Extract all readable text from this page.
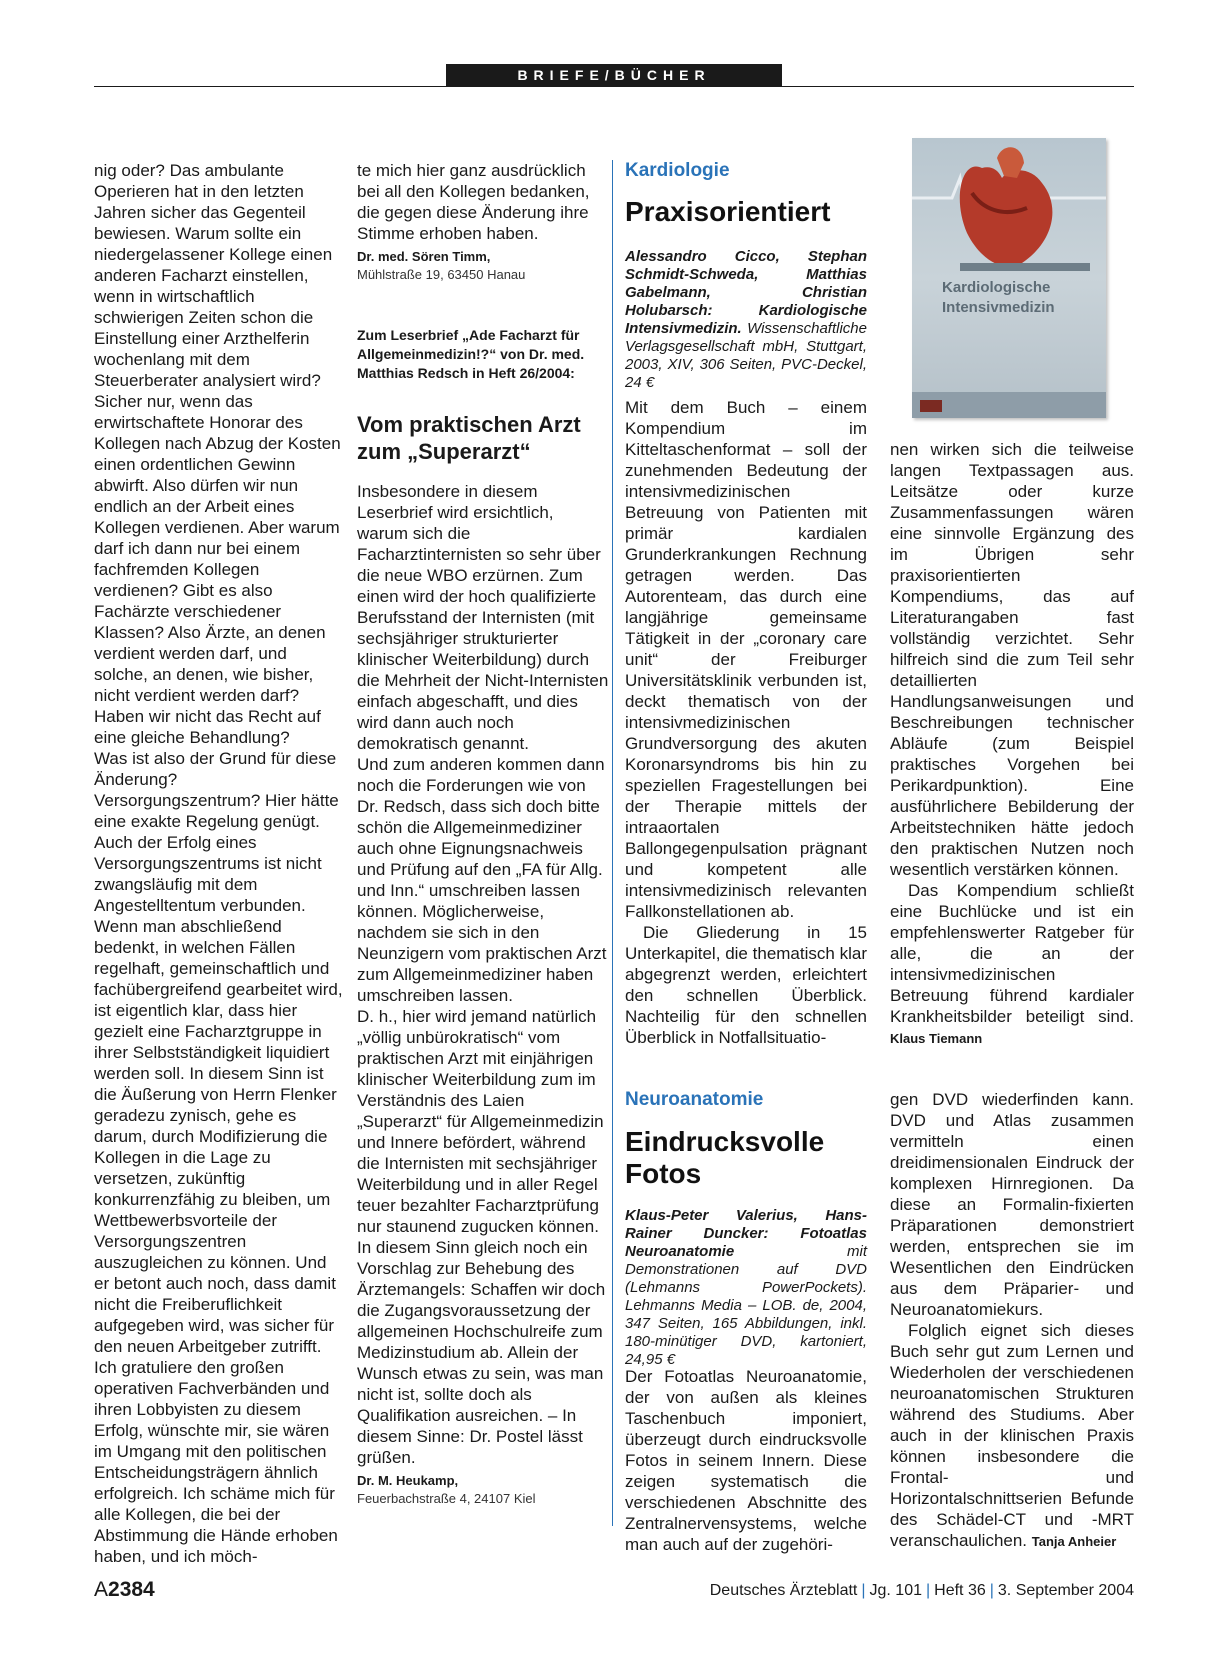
BRIEFE/BÜCHER

nig oder? Das ambulante Operieren hat in den letzten Jahren sicher das Gegenteil bewiesen. Warum sollte ein niedergelassener Kollege einen anderen Facharzt einstellen, wenn in wirtschaftlich schwierigen Zeiten schon die Einstellung einer Arzthelferin wochenlang mit dem Steuerberater analysiert wird? Sicher nur, wenn das erwirtschaftete Honorar des Kollegen nach Abzug der Kosten einen ordentlichen Gewinn abwirft. Also dürfen wir nun endlich an der Arbeit eines Kollegen verdienen. Aber warum darf ich dann nur bei einem fachfremden Kollegen verdienen? Gibt es also Fachärzte verschiedener Klassen? Also Ärzte, an denen verdient werden darf, und solche, an denen, wie bisher, nicht verdient werden darf? Haben wir nicht das Recht auf eine gleiche Behandlung?

Was ist also der Grund für diese Änderung? Versorgungszentrum? Hier hätte eine exakte Regelung genügt. Auch der Erfolg eines Versorgungszentrums ist nicht zwangsläufig mit dem Angestelltentum verbunden.

Wenn man abschließend bedenkt, in welchen Fällen regelhaft, gemeinschaftlich und fachübergreifend gearbeitet wird, ist eigentlich klar, dass hier gezielt eine Facharztgruppe in ihrer Selbstständigkeit liquidiert werden soll. In diesem Sinn ist die Äußerung von Herrn Flenker geradezu zynisch, gehe es darum, durch Modifizierung die Kollegen in die Lage zu versetzen, zukünftig konkurrenzfähig zu bleiben, um Wettbewerbsvorteile der Versorgungszentren auszugleichen zu können. Und er betont auch noch, dass damit nicht die Freiberuflichkeit aufgegeben wird, was sicher für den neuen Arbeitgeber zutrifft. Ich gratuliere den großen operativen Fachverbänden und ihren Lobbyisten zu diesem Erfolg, wünschte mir, sie wären im Umgang mit den politischen Entscheidungsträgern ähnlich erfolgreich. Ich schäme mich für alle Kollegen, die bei der Abstimmung die Hände erhoben haben, und ich möch-

te mich hier ganz ausdrücklich bei all den Kollegen bedanken, die gegen diese Änderung ihre Stimme erhoben haben.

Dr. med. Sören Timm,
Mühlstraße 19, 63450 Hanau
Zum Leserbrief „Ade Facharzt für Allgemeinmedizin!?“ von Dr. med. Matthias Redsch in Heft 26/2004:
Vom praktischen Arzt zum „Superarzt“

Insbesondere in diesem Leserbrief wird ersichtlich, warum sich die Facharztinternisten so sehr über die neue WBO erzürnen. Zum einen wird der hoch qualifizierte Berufsstand der Internisten (mit sechsjähriger strukturierter klinischer Weiterbildung) durch die Mehrheit der Nicht-Internisten einfach abgeschafft, und dies wird dann auch noch demokratisch genannt.

Und zum anderen kommen dann noch die Forderungen wie von Dr. Redsch, dass sich doch bitte schön die Allgemeinmediziner auch ohne Eignungsnachweis und Prüfung auf den „FA für Allg. und Inn.“ umschreiben lassen können. Möglicherweise, nachdem sie sich in den Neunzigern vom praktischen Arzt zum Allgemeinmediziner haben umschreiben lassen.

D. h., hier wird jemand natürlich „völlig unbürokratisch“ vom praktischen Arzt mit einjährigen klinischer Weiterbildung zum im Verständnis des Laien „Superarzt“ für Allgemeinmedizin und Innere befördert, während die Internisten mit sechsjähriger Weiterbildung und in aller Regel teuer bezahlter Facharztprüfung nur staunend zugucken können.

In diesem Sinn gleich noch ein Vorschlag zur Behebung des Ärztemangels: Schaffen wir doch die Zugangsvoraussetzung der allgemeinen Hochschulreife zum Medizinstudium ab. Allein der Wunsch etwas zu sein, was man nicht ist, sollte doch als Qualifikation ausreichen. – In diesem Sinne: Dr. Postel lässt grüßen.

Dr. M. Heukamp,
Feuerbachstraße 4, 24107 Kiel
Kardiologie
Praxisorientiert
Alessandro Cicco, Stephan Schmidt-Schweda, Matthias Gabelmann, Christian Holubarsch: Kardiologische Intensivmedizin. Wissenschaftliche Verlagsgesellschaft mbH, Stuttgart, 2003, XIV, 306 Seiten, PVC-Deckel, 24 €
Kardiologische Intensivmedizin

Mit dem Buch – einem Kompendium im Kitteltaschenformat – soll der zunehmenden Bedeutung der intensivmedizinischen Betreuung von Patienten mit primär kardialen Grunderkrankungen Rechnung getragen werden. Das Autorenteam, das durch eine langjährige gemeinsame Tätigkeit in der „coronary care unit“ der Freiburger Universitätsklinik verbunden ist, deckt thematisch von der intensivmedizinischen Grundversorgung des akuten Koronarsyndroms bis hin zu speziellen Fragestellungen bei der Therapie mittels der intraaortalen Ballongegenpulsation prägnant und kompetent alle intensivmedizinisch relevanten Fallkonstellationen ab.

Die Gliederung in 15 Unterkapitel, die thematisch klar abgegrenzt werden, erleichtert den schnellen Überblick. Nachteilig für den schnellen Überblick in Notfallsituatio-

nen wirken sich die teilweise langen Textpassagen aus. Leitsätze oder kurze Zusammenfassungen wären eine sinnvolle Ergänzung des im Übrigen sehr praxisorientierten Kompendiums, das auf Literaturangaben fast vollständig verzichtet. Sehr hilfreich sind die zum Teil sehr detaillierten Handlungsanweisungen und Beschreibungen technischer Abläufe (zum Beispiel praktisches Vorgehen bei Perikardpunktion). Eine ausführlichere Bebilderung der Arbeitstechniken hätte jedoch den praktischen Nutzen noch wesentlich verstärken können.

Das Kompendium schließt eine Buchlücke und ist ein empfehlenswerter Ratgeber für alle, die an der intensivmedizinischen Betreuung führend kardialer Krankheitsbilder beteiligt sind. Klaus Tiemann

Neuroanatomie
Eindrucksvolle Fotos
Klaus-Peter Valerius, Hans-Rainer Duncker: Fotoatlas Neuroanatomie	mit Demonstrationen auf DVD (Lehmanns PowerPockets). Lehmanns Media – LOB. de, 2004, 347 Seiten, 165 Abbildungen, inkl. 180-minütiger DVD, kartoniert, 24,95 €

Der Fotoatlas Neuroanatomie, der von außen als kleines Taschenbuch imponiert, überzeugt durch eindrucksvolle Fotos in seinem Innern. Diese zeigen systematisch die verschiedenen Abschnitte des Zentralnervensystems, welche man auch auf der zugehöri-

gen DVD wiederfinden kann. DVD und Atlas zusammen vermitteln einen dreidimensionalen Eindruck der komplexen Hirnregionen. Da diese an Formalin-fixierten Präparationen demonstriert werden, entsprechen sie im Wesentlichen den Eindrücken aus dem Präparier- und Neuroanatomiekurs.

Folglich eignet sich dieses Buch sehr gut zum Lernen und Wiederholen der verschiedenen neuroanatomischen Strukturen während des Studiums. Aber auch in der klinischen Praxis können insbesondere die Frontal- und Horizontalschnittserien Befunde des Schädel-CT und -MRT veranschaulichen. Tanja Anheier

A2384	Deutsches Ärzteblatt | Jg. 101 | Heft 36 | 3. September 2004
